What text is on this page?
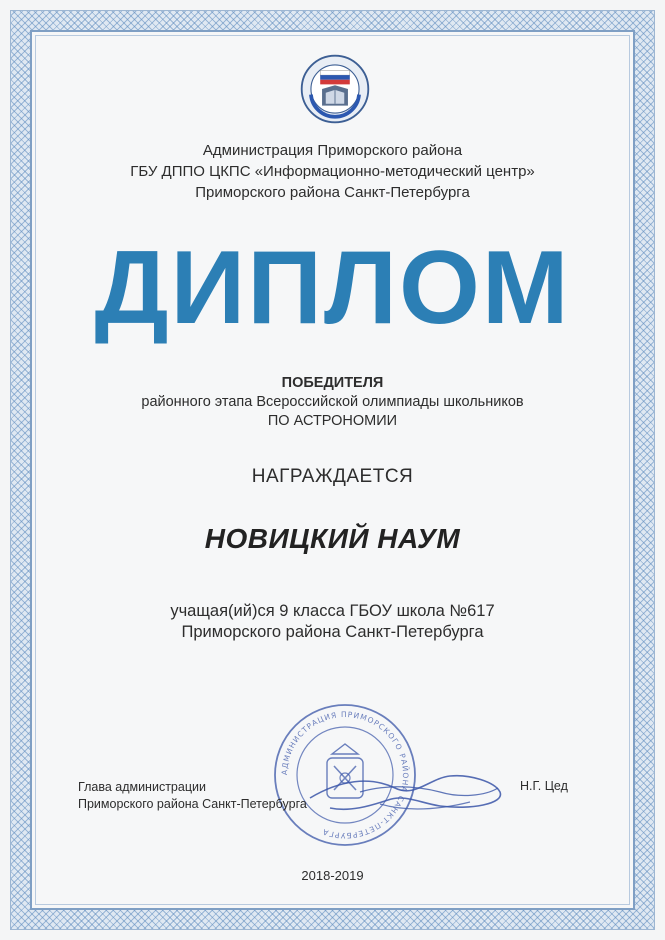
Администрация Приморского района
ГБУ ДППО ЦКПС «Информационно-методический центр»
Приморского района Санкт-Петербурга
ДИПЛОМ
ПОБЕДИТЕЛЯ
районного этапа Всероссийской олимпиады школьников
ПО АСТРОНОМИИ
НАГРАЖДАЕТСЯ
НОВИЦКИЙ НАУМ
учащая(ий)ся 9 класса ГБОУ школа №617
Приморского района Санкт-Петербурга
АДМИНИСТРАЦИЯ ПРИМОРСКОГО РАЙОНА САНКТ-ПЕТЕРБУРГА
Глава администрации
Приморского района Санкт-Петербурга
Н.Г. Цед
2018-2019
